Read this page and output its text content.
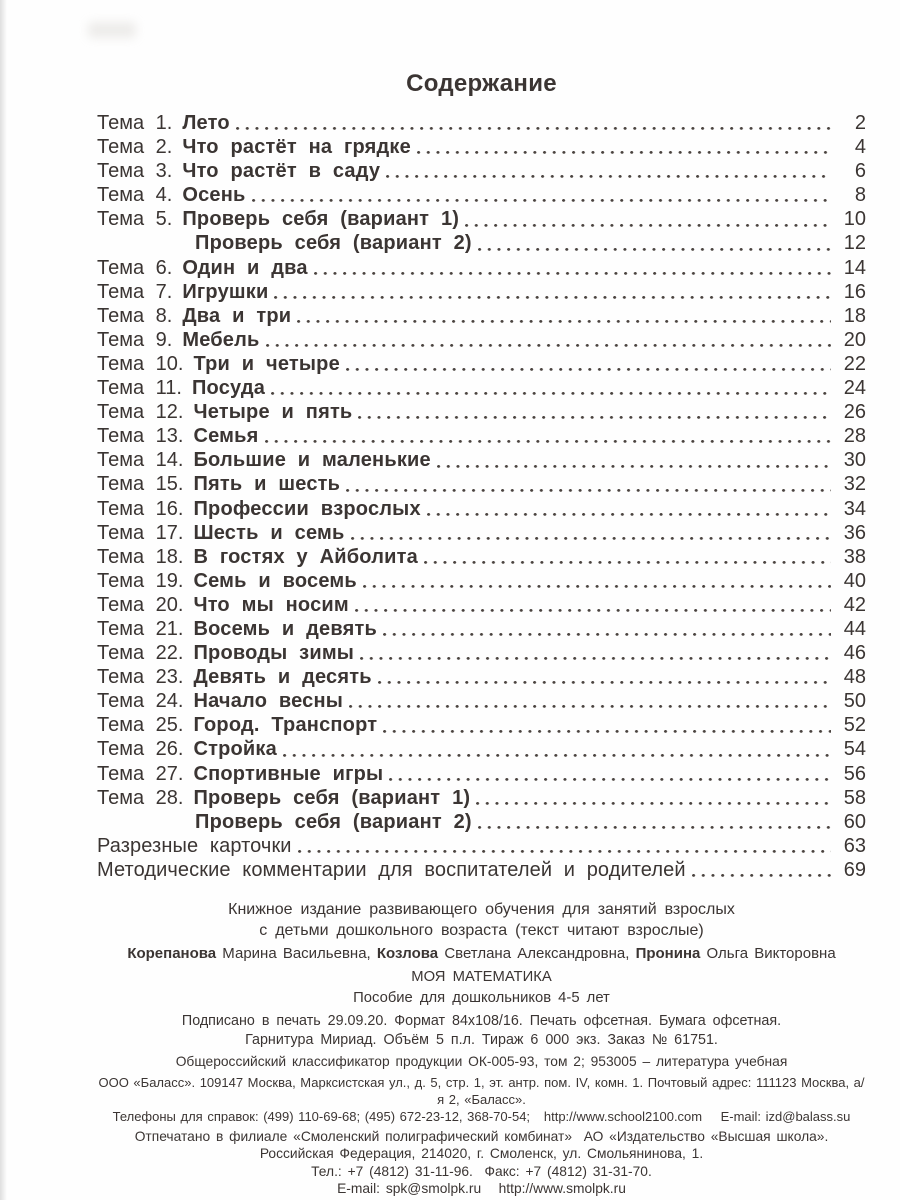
Содержание
Тема 1. Лето	2
Тема 2. Что растёт на грядке	4
Тема 3. Что растёт в саду	6
Тема 4. Осень	8
Тема 5. Проверь себя (вариант 1)	10
Проверь себя (вариант 2)	12
Тема 6. Один и два	14
Тема 7. Игрушки	16
Тема 8. Два и три	18
Тема 9. Мебель	20
Тема 10. Три и четыре	22
Тема 11. Посуда	24
Тема 12. Четыре и пять	26
Тема 13. Семья	28
Тема 14. Большие и маленькие	30
Тема 15. Пять и шесть	32
Тема 16. Профессии взрослых	34
Тема 17. Шесть и семь	36
Тема 18. В гостях у Айболита	38
Тема 19. Семь и восемь	40
Тема 20. Что мы носим	42
Тема 21. Восемь и девять	44
Тема 22. Проводы зимы	46
Тема 23. Девять и десять	48
Тема 24. Начало весны	50
Тема 25. Город. Транспорт	52
Тема 26. Стройка	54
Тема 27. Спортивные игры	56
Тема 28. Проверь себя (вариант 1)	58
Проверь себя (вариант 2)	60
Разрезные карточки	63
Методические комментарии для воспитателей и родителей	69
Книжное издание развивающего обучения для занятий взрослых
с детьми дошкольного возраста (текст читают взрослые)
Корепанова Марина Васильевна, Козлова Светлана Александровна, Пронина Ольга Викторовна
МОЯ МАТЕМАТИКА
Пособие для дошкольников 4-5 лет
Подписано в печать 29.09.20. Формат 84х108/16. Печать офсетная. Бумага офсетная.
Гарнитура Мириад. Объём 5 п.л. Тираж 6 000 экз. Заказ № 61751.
Общероссийский классификатор продукции ОК-005-93, том 2; 953005 – литература учебная
ООО «Баласс». 109147 Москва, Марксистская ул., д. 5, стр. 1, эт. антр. пом. IV, комн. 1. Почтовый адрес: 111123 Москва, а/я 2, «Баласс».
Телефоны для справок: (499) 110-69-68; (495) 672-23-12, 368-70-54;   http://www.school2100.com    E-mail: izd@balass.su
Отпечатано в филиале «Смоленский полиграфический комбинат»  АО «Издательство «Высшая школа».
Российская Федерация, 214020, г. Смоленск, ул. Смольянинова, 1.
Тел.: +7 (4812) 31-11-96.  Факс: +7 (4812) 31-31-70.
E-mail: spk@smolpk.ru   http://www.smolpk.ru
